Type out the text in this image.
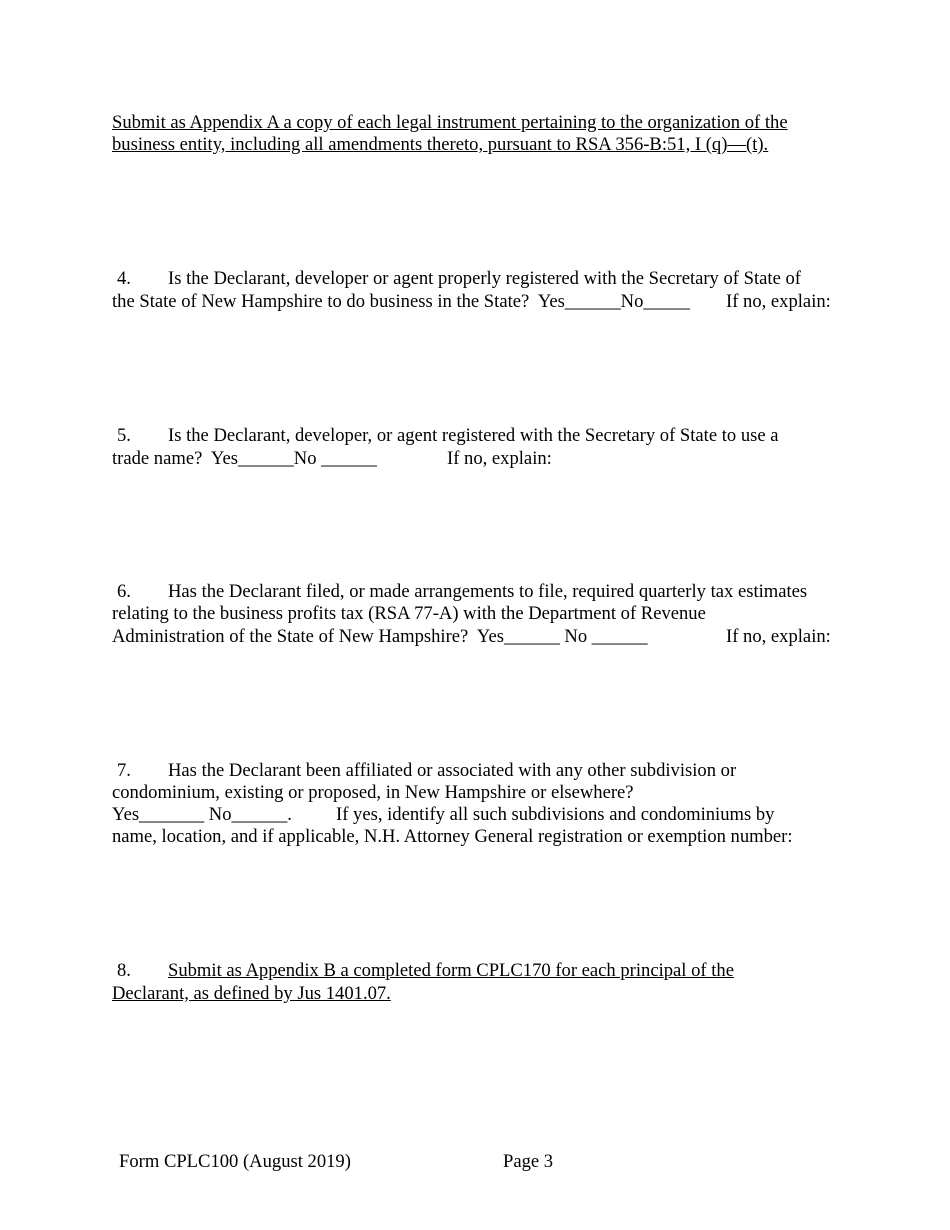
Submit as Appendix A a copy of each legal instrument pertaining to the organization of the
business entity, including all amendments thereto, pursuant to RSA 356-B:51, I (q)—(t).
4. Is the Declarant, developer or agent properly registered with the Secretary of State of
the State of New Hampshire to do business in the State?  Yes______No_____ If no, explain:
5. Is the Declarant, developer, or agent registered with the Secretary of State to use a
trade name?  Yes______No ______	If no, explain:
6. Has the Declarant filed, or made arrangements to file, required quarterly tax estimates
relating to the business profits tax (RSA 77-A) with the Department of Revenue
Administration of the State of New Hampshire?  Yes______ No ______	If no, explain:
7. Has the Declarant been affiliated or associated with any other subdivision or
condominium, existing or proposed, in New Hampshire or elsewhere?
Yes_______ No______. If yes, identify all such subdivisions and condominiums by
name, location, and if applicable, N.H. Attorney General registration or exemption number:
8. Submit as Appendix B a completed form CPLC170 for each principal of the
Declarant, as defined by Jus 1401.07.
Form CPLC100 (August 2019)	Page 3
